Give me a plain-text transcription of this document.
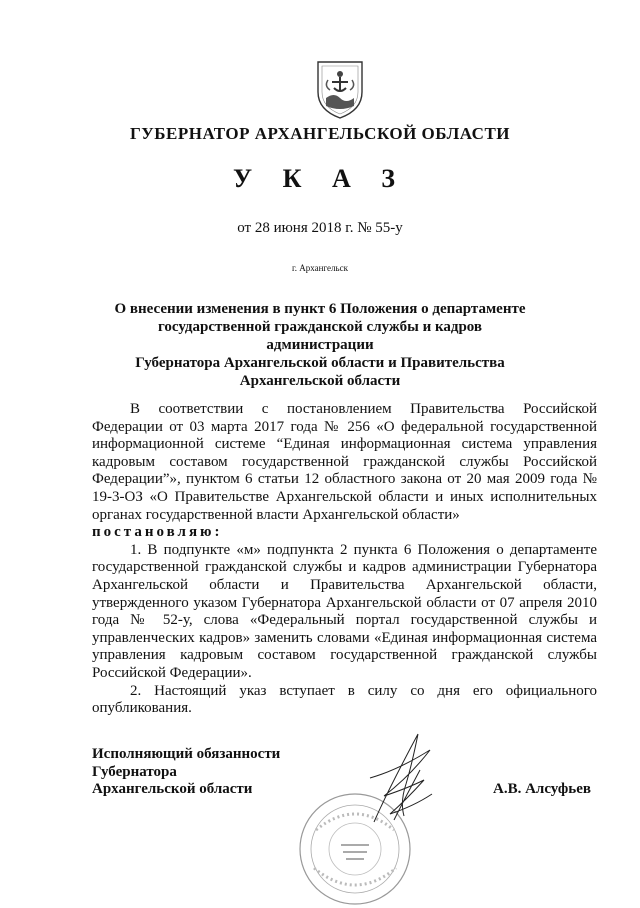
ГУБЕРНАТОР АРХАНГЕЛЬСКОЙ ОБЛАСТИ
У К А З
от 28 июня 2018 г. № 55-у
г. Архангельск
О внесении изменения в пункт 6 Положения о департаменте
государственной гражданской службы и кадров администрации
Губернатора Архангельской области и Правительства
Архангельской области

В соответствии с постановлением Правительства Российской Федерации от 03 марта 2017 года № 256 «О федеральной государственной информационной системе “Единая информационная система управления кадровым составом государственной гражданской службы Российской Федерации”», пунктом 6 статьи 12 областного закона от 20 мая 2009 года № 19-3-ОЗ «О Правительстве Архангельской области и иных исполнительных органах государственной власти Архангельской области»

постановляю:

1. В подпункте «м» подпункта 2 пункта 6 Положения о департаменте государственной гражданской службы и кадров администрации Губернатора Архангельской области и Правительства Архангельской области, утвержденного указом Губернатора Архангельской области от 07 апреля 2010 года № 52-у, слова «Федеральный портал государственной службы и управленческих кадров» заменить словами «Единая информационная система управления кадровым составом государственной гражданской службы Российской Федерации».

2. Настоящий указ вступает в силу со дня его официального опубликования.

Исполняющий обязанности
Губернатора
Архангельской области	А.В. Алсуфьев
